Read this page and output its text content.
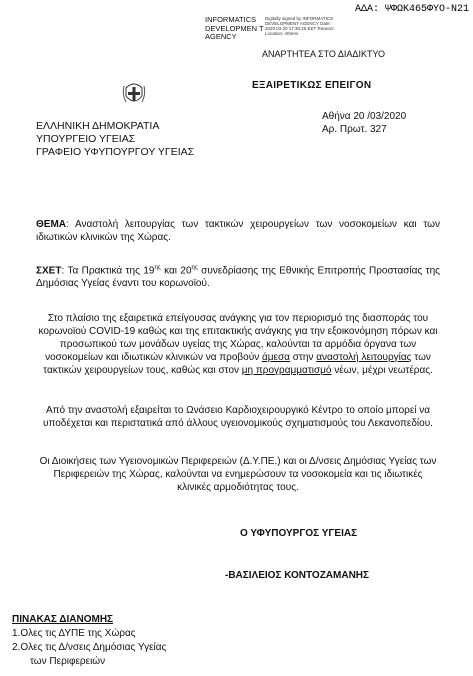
ΑΔΑ: ΨΦΩΚ465ΦΥΟ-Ν21
INFORMATICS DEVELOPMEN T AGENCY
Digitally signed by INFORMATICS DEVELOPMENT AGENCY Date: 2020.03.20 17:30:25 EET Reason: Location: Athens
ΑΝΑΡΤΗΤΕΑ ΣΤΟ ΔΙΑΔΙΚΤΥΟ
ΕΞΑΙΡΕΤΙΚΩΣ ΕΠΕΙΓΟΝ
ΕΛΛΗΝΙΚΗ ΔΗΜΟΚΡΑΤΙΑ
ΥΠΟΥΡΓΕΙΟ ΥΓΕΙΑΣ
ΓΡΑΦΕΙΟ ΥΦΥΠΟΥΡΓΟΥ ΥΓΕΙΑΣ
Αθήνα 20 /03/2020
Αρ. Πρωτ. 327
ΘΕΜΑ: Αναστολή λειτουργίας των τακτικών χειρουργείων των νοσοκομείων και των ιδιωτικών κλινικών της Χώρας.
ΣΧΕΤ: Τα Πρακτικά της $19^{\eta\varsigma}$ και $20^{\eta\varsigma}$ συνεδρίασης της Εθνικής Επιτροπής Προστασίας της Δημόσιας Υγείας έναντι του κορωνοϊού.
Στο πλαίσιο της εξαιρετικά επείγουσας ανάγκης για τον περιορισμό της διασποράς του κορωνοϊού COVID-19 καθώς και της επιτακτικής ανάγκης για την εξοικονόμηση πόρων και προσωπικού των μονάδων υγείας της Χώρας, καλούνται τα αρμόδια όργανα των νοσοκομείων και ιδιωτικών κλινικών να προβούν άμεσα στην αναστολή λειτουργίας των τακτικών χειρουργείων τους, καθώς και στον μη προγραμματισμό νέων, μέχρι νεωτέρας.
Από την αναστολή εξαιρείται το Ωνάσειο Καρδιοχειρουργικό Κέντρο το οποίο μπορεί να υποδέχεται και περιστατικά από άλλους υγειονομικούς σχηματισμούς του Λεκανοπεδίου.
Οι Διοικήσεις των Υγειονομικών Περιφερειών (Δ.Υ.ΠΕ.) και οι Δ/νσεις Δημόσιας Υγείας των Περιφερειών της Χώρας, καλούνται να ενημερώσουν τα νοσοκομεία και τις ιδιωτικές κλινικές αρμοδιότητας τους.
Ο ΥΦΥΠΟΥΡΓΟΣ ΥΓΕΙΑΣ
-ΒΑΣΙΛΕΙΟΣ ΚΟΝΤΟΖΑΜΑΝΗΣ
ΠΙΝΑΚΑΣ ΔΙΑΝΟΜΗΣ
1.Ολες τις ΔΥΠΕ της Χώρας
2.Ολες τις Δ/νσεις Δημόσιας Υγείας
των Περιφερειών
